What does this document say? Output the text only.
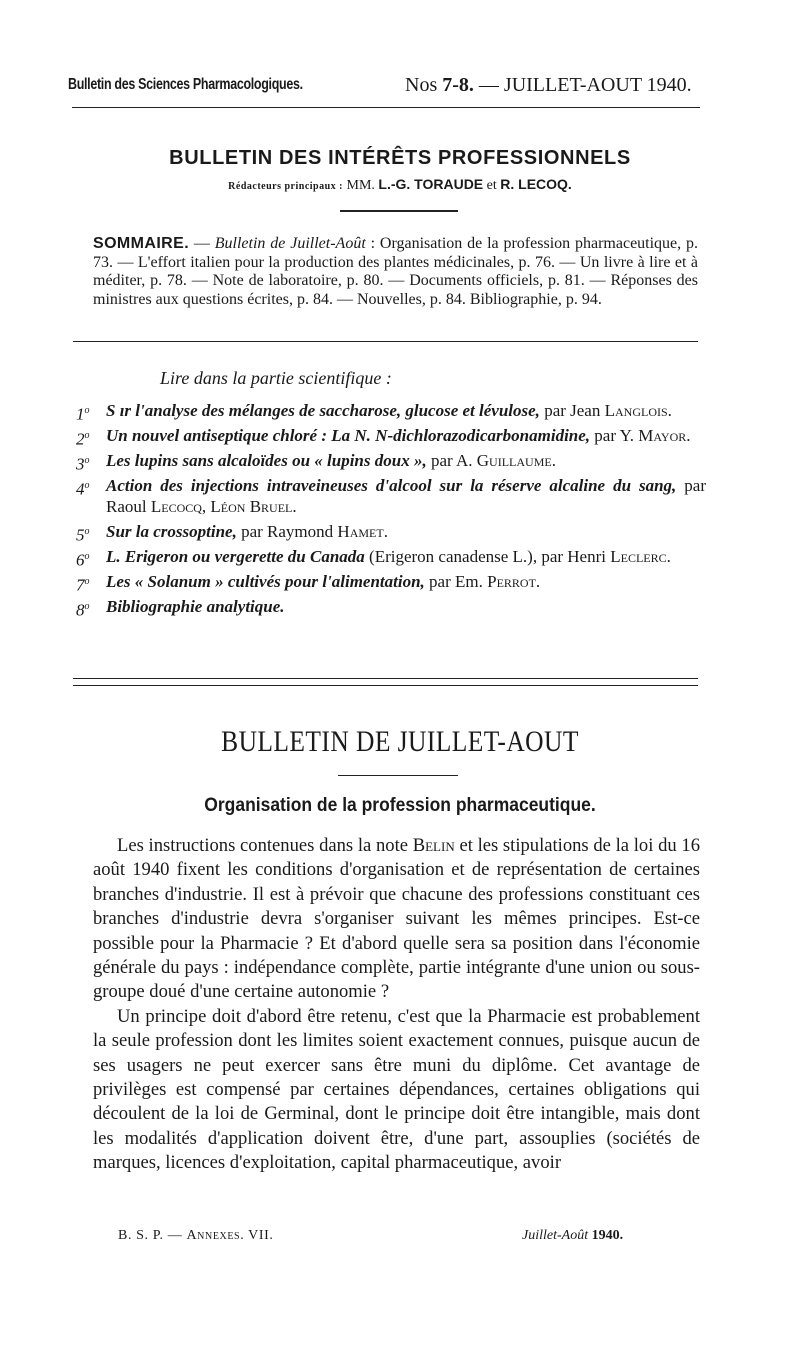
Bulletin des Sciences Pharmacologiques.	Nos 7-8. — JUILLET-AOUT 1940.
BULLETIN DES INTÉRÊTS PROFESSIONNELS
Rédacteurs principaux : MM. L.-G. TORAUDE et R. LECOQ.
SOMMAIRE. — Bulletin de Juillet-Août : Organisation de la profession pharmaceutique, p. 73. — L'effort italien pour la production des plantes médicinales, p. 76. — Un livre à lire et à méditer, p. 78. — Note de laboratoire, p. 80. — Documents officiels, p. 81. — Réponses des ministres aux questions écrites, p. 84. — Nouvelles, p. 84. Bibliographie, p. 94.
Lire dans la partie scientifique :
1$^o$ S ır l'analyse des mélanges de saccharose, glucose et lévulose, par Jean Langlois.
2$^o$ Un nouvel antiseptique chloré : La N. N-dichlorazodicarbonamidine, par Y. Mayor.
3$^o$ Les lupins sans alcaloïdes ou « lupins doux », par A. Guillaume.
4$^o$ Action des injections intraveineuses d'alcool sur la réserve alcaline du sang, par Raoul Lecocq, Léon Bruel.
5$^o$ Sur la crossoptine, par Raymond Hamet.
6$^o$ L. Erigeron ou vergerette du Canada (Erigeron canadense L.), par Henri Leclerc.
7$^o$ Les « Solanum » cultivés pour l'alimentation, par Em. Perrot.
8$^o$ Bibliographie analytique.
BULLETIN DE JUILLET-AOUT
Organisation de la profession pharmaceutique.

Les instructions contenues dans la note Belin et les stipulations de la loi du 16 août 1940 fixent les conditions d'organisation et de représentation de certaines branches d'industrie. Il est à prévoir que chacune des professions constituant ces branches d'industrie devra s'organiser suivant les mêmes principes. Est-ce possible pour la Pharmacie ? Et d'abord quelle sera sa position dans l'économie générale du pays : indépendance complète, partie intégrante d'une union ou sous-groupe doué d'une certaine autonomie ?

Un principe doit d'abord être retenu, c'est que la Pharmacie est probablement la seule profession dont les limites soient exactement connues, puisque aucun de ses usagers ne peut exercer sans être muni du diplôme. Cet avantage de privilèges est compensé par certaines dépendances, certaines obligations qui découlent de la loi de Germinal, dont le principe doit être intangible, mais dont les modalités d'application doivent être, d'une part, assouplies (sociétés de marques, licences d'exploitation, capital pharmaceutique, avoir

B. S. P. — Annexes. VII.	Juillet-Août 1940.
